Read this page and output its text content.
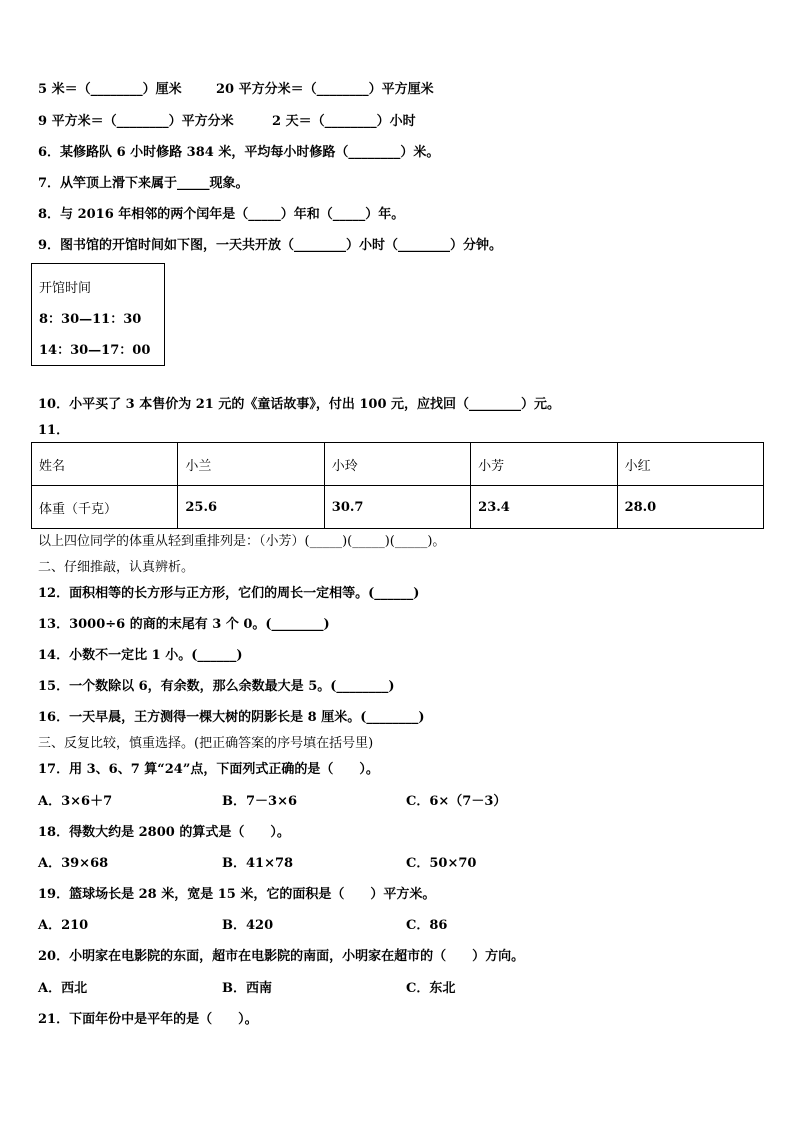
5 米＝（________）厘米	20 平方分米＝（________）平方厘米
9 平方米＝（________）平方分米	2 天＝（________）小时
6．某修路队 6 小时修路 384 米，平均每小时修路（________）米。
7．从竿顶上滑下来属于_____现象。
8．与 2016 年相邻的两个闰年是（_____）年和（_____）年。
9．图书馆的开馆时间如下图，一天共开放（________）小时（________）分钟。
开馆时间
8：30—11：30
14：30—17：00
10．小平买了 3 本售价为 21 元的《童话故事》，付出 100 元，应找回（________）元。
11．
姓名	小兰	小玲	小芳	小红
体重（千克）	25.6	30.7	23.4	28.0
以上四位同学的体重从轻到重排列是：（小芳）(_____)(_____)(_____)。
二、仔细推敲，认真辨析。
12．面积相等的长方形与正方形，它们的周长一定相等。(______)
13．3000÷6 的商的末尾有 3 个 0。(________)
14．小数不一定比 1 小。(______)
15．一个数除以 6，有余数，那么余数最大是 5。(________)
16．一天早晨，王方测得一棵大树的阴影长是 8 厘米。(________)
三、反复比较，慎重选择。(把正确答案的序号填在括号里)
17．用 3、6、7 算“24”点，下面列式正确的是（　　）。
A．3×6＋7	B．7－3×6	C．6×（7－3）
18．得数大约是 2800 的算式是（　　）。
A．39×68	B．41×78	C．50×70
19．篮球场长是 28 米，宽是 15 米，它的面积是（　　）平方米。
A．210	B．420	C．86
20．小明家在电影院的东面，超市在电影院的南面，小明家在超市的（　　）方向。
A．西北	B．西南	C．东北
21．下面年份中是平年的是（　　）。
